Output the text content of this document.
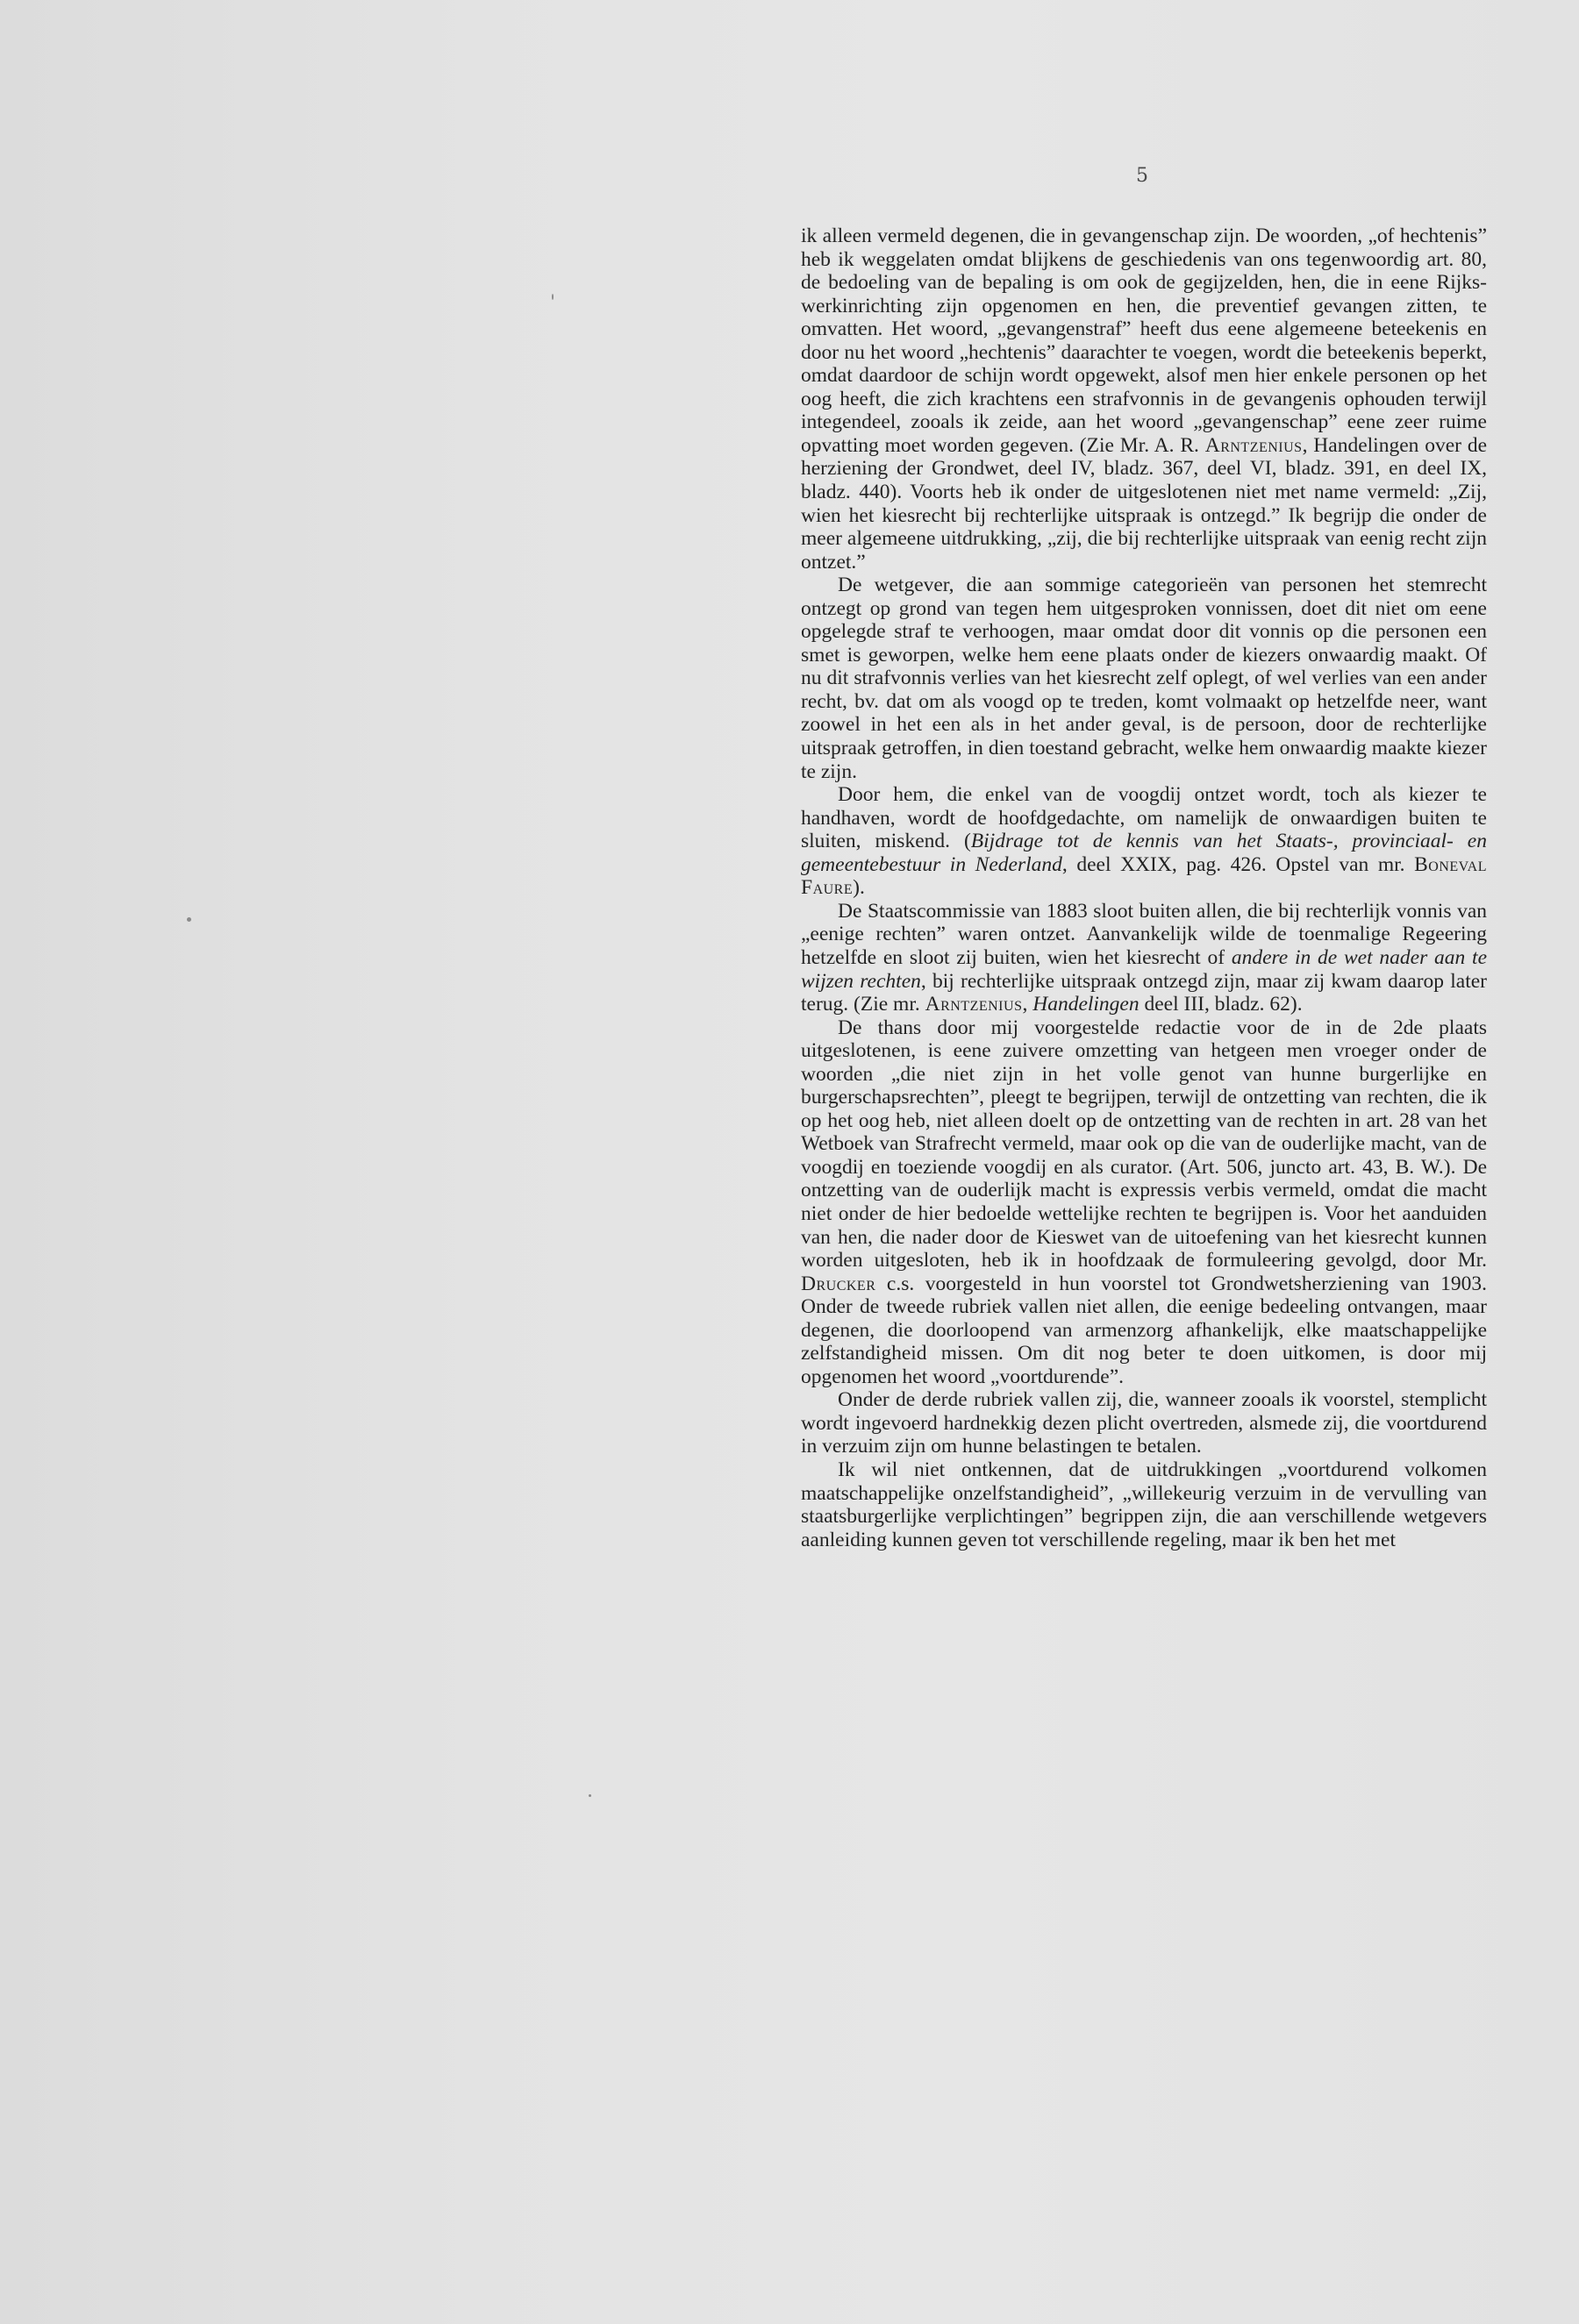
5

ik alleen vermeld degenen, die in gevangenschap zijn. De woorden, „of hechtenis” heb ik weggelaten omdat blijkens de geschiedenis van ons tegenwoordig art. 80, de bedoeling van de bepaling is om ook de gegijzelden, hen, die in eene Rijkswerkinrichting zijn opgenomen en hen, die preventief gevangen zitten, te omvatten. Het woord, „gevangenstraf” heeft dus eene algemeene beteekenis en door nu het woord „hechtenis” daarachter te voegen, wordt die beteekenis beperkt, omdat daardoor de schijn wordt opgewekt, alsof men hier enkele personen op het oog heeft, die zich krachtens een strafvonnis in de gevangenis ophouden terwijl integendeel, zooals ik zeide, aan het woord „gevangenschap” eene zeer ruime opvatting moet worden gegeven. (Zie Mr. A. R. Arntzenius, Handelingen over de herziening der Grondwet, deel IV, bladz. 367, deel VI, bladz. 391, en deel IX, bladz. 440). Voorts heb ik onder de uitgeslotenen niet met name vermeld: „Zij, wien het kiesrecht bij rechterlijke uitspraak is ontzegd.” Ik begrijp die onder de meer algemeene uitdrukking, „zij, die bij rechterlijke uitspraak van eenig recht zijn ontzet.”

De wetgever, die aan sommige categorieën van personen het stemrecht ontzegt op grond van tegen hem uitgesproken vonnissen, doet dit niet om eene opgelegde straf te verhoogen, maar omdat door dit vonnis op die personen een smet is geworpen, welke hem eene plaats onder de kiezers onwaardig maakt. Of nu dit strafvonnis verlies van het kiesrecht zelf oplegt, of wel verlies van een ander recht, bv. dat om als voogd op te treden, komt volmaakt op hetzelfde neer, want zoowel in het een als in het ander geval, is de persoon, door de rechterlijke uitspraak getroffen, in dien toestand gebracht, welke hem onwaardig maakte kiezer te zijn.

Door hem, die enkel van de voogdij ontzet wordt, toch als kiezer te handhaven, wordt de hoofdgedachte, om namelijk de onwaardigen buiten te sluiten, miskend. (Bijdrage tot de kennis van het Staats-, provinciaal- en gemeentebestuur in Nederland, deel XXIX, pag. 426. Opstel van mr. Boneval Faure).

De Staatscommissie van 1883 sloot buiten allen, die bij rechterlijk vonnis van „eenige rechten” waren ontzet. Aanvankelijk wilde de toenmalige Regeering hetzelfde en sloot zij buiten, wien het kiesrecht of andere in de wet nader aan te wijzen rechten, bij rechterlijke uitspraak ontzegd zijn, maar zij kwam daarop later terug. (Zie mr. Arntzenius, Handelingen deel III, bladz. 62).

De thans door mij voorgestelde redactie voor de in de 2de plaats uitgeslotenen, is eene zuivere omzetting van hetgeen men vroeger onder de woorden „die niet zijn in het volle genot van hunne burgerlijke en burgerschapsrechten”, pleegt te begrijpen, terwijl de ontzetting van rechten, die ik op het oog heb, niet alleen doelt op de ontzetting van de rechten in art. 28 van het Wetboek van Strafrecht vermeld, maar ook op die van de ouderlijke macht, van de voogdij en toeziende voogdij en als curator. (Art. 506, juncto art. 43, B. W.). De ontzetting van de ouderlijk macht is expressis verbis vermeld, omdat die macht niet onder de hier bedoelde wettelijke rechten te begrijpen is. Voor het aanduiden van hen, die nader door de Kieswet van de uitoefening van het kiesrecht kunnen worden uitgesloten, heb ik in hoofdzaak de formuleering gevolgd, door Mr. Drucker c.s. voorgesteld in hun voorstel tot Grondwetsherziening van 1903. Onder de tweede rubriek vallen niet allen, die eenige bedeeling ontvangen, maar degenen, die doorloopend van armenzorg afhankelijk, elke maatschappelijke zelfstandigheid missen. Om dit nog beter te doen uitkomen, is door mij opgenomen het woord „voortdurende”.

Onder de derde rubriek vallen zij, die, wanneer zooals ik voorstel, stemplicht wordt ingevoerd hardnekkig dezen plicht overtreden, alsmede zij, die voortdurend in verzuim zijn om hunne belastingen te betalen.

Ik wil niet ontkennen, dat de uitdrukkingen „voortdurend volkomen maatschappelijke onzelfstandigheid”, „willekeurig verzuim in de vervulling van staatsburgerlijke verplichtingen” begrippen zijn, die aan verschillende wetgevers aanleiding kunnen geven tot verschillende regeling, maar ik ben het met
